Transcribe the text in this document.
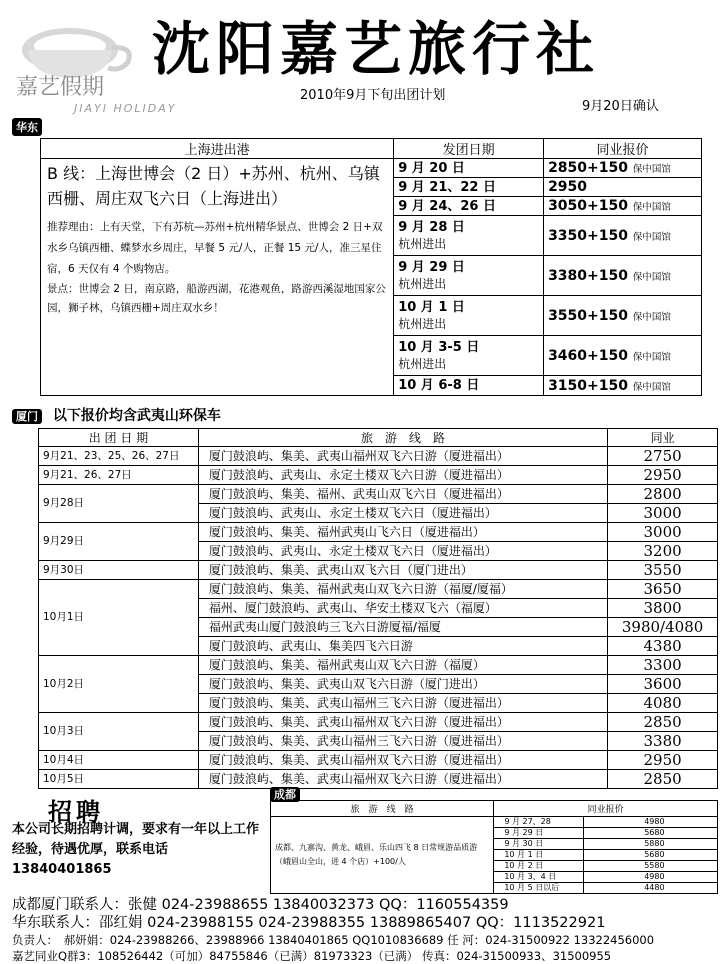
嘉艺假期
JIAYI HOLIDAY
沈阳嘉艺旅行社
2010年9月下旬出团计划
9月20日确认
华东
上海进出港	发团日期	同业报价

B 线：上海世博会（2 日）+苏州、杭州、乌镇西栅、周庄双飞六日（上海进出）
推荐理由：上有天堂，下有苏杭—苏州+杭州精华景点、世博会 2 日+双水乡乌镇西栅、蝶梦水乡周庄，早餐 5 元/人，正餐 15 元/人，准三星住宿，6 天仅有 4 个购物店。
景点：世博会 2 日，南京路，船游西湖，花港观鱼，路游西溪湿地国家公园，狮子林，乌镇西栅+周庄双水乡！	9 月 20 日	2850+150 保中国馆
	9 月 21、22 日	2950
	9 月 24、26 日	3050+150 保中国馆

	9 月 28 日
杭州进出	3350+150 保中国馆

	9 月 29 日
杭州进出	3380+150 保中国馆

	10 月 1 日
杭州进出	3550+150 保中国馆

	10 月 3-5 日
杭州进出	3460+150 保中国馆
	10 月 6-8 日	3150+150 保中国馆
厦门 以下报价均含武夷山环保车
出 团 日 期	旅　游　线　路	同业
9月21、23、25、26、27日	厦门鼓浪屿、集美、武夷山福州双飞六日游（厦进福出）	2750
9月21、26、27日	厦门鼓浪屿、武夷山、永定土楼双飞六日游（厦进福出）	2950
9月28日	厦门鼓浪屿、集美、福州、武夷山双飞六日（厦进福出）	2800
	厦门鼓浪屿、武夷山、永定土楼双飞六日（厦进福出）	3000
9月29日	厦门鼓浪屿、集美、福州武夷山飞六日（厦进福出）	3000
	厦门鼓浪屿、武夷山、永定土楼双飞六日（厦进福出）	3200
9月30日	厦门鼓浪屿、集美、武夷山双飞六日（厦门进出）	3550
10月1日	厦门鼓浪屿、集美、福州武夷山双飞六日游（福厦/厦福）	3650
	福州、厦门鼓浪屿、武夷山、华安土楼双飞六（福厦）	3800
	福州武夷山厦门鼓浪屿三飞六日游厦福/福厦	3980/4080
	厦门鼓浪屿、武夷山、集美四飞六日游	4380
10月2日	厦门鼓浪屿、集美、福州武夷山双飞六日游（福厦）	3300
	厦门鼓浪屿、集美、武夷山双飞六日游（厦门进出）	3600
	厦门鼓浪屿、集美、武夷山福州三飞六日游（厦进福出）	4080
10月3日	厦门鼓浪屿、集美、武夷山福州双飞六日游（厦进福出）	2850
	厦门鼓浪屿、集美、武夷山福州三飞六日游（厦进福出）	3380
10月4日	厦门鼓浪屿、集美、武夷山福州双飞六日游（厦进福出）	2950
10月5日	厦门鼓浪屿、集美、武夷山福州双飞六日游（厦进福出）	2850
招聘
本公司长期招聘计调，要求有一年以上工作经验，待遇优厚，联系电话13840401865
成都
旅　游　线　路	同业报价	
成都、九寨沟、黄龙、峨眉、乐山四飞 8 日常规游品质游（峨眉山全山，进 4 个店）+100/人	9 月 27、28	4980
	9 月 29 日	5680
	9 月 30 日	5880
	10 月 1 日	5680
	10 月 2 日	5580
	10 月 3、4 日	4980
	10 月 5 日以后	4480
成都厦门联系人：张健 024-23988655 13840032373 QQ：1160554359
华东联系人：邵红娟 024-23988155 024-23988355 13889865407 QQ：1113522921
负责人：　郝妍娟：024-23988266、23988966 13840401865 QQ1010836689 任 河：024-31500922 13322456000
嘉艺同业Q群3：108526442（可加）84755846（已满）81973323（已满） 传真：024-31500933、31500955
